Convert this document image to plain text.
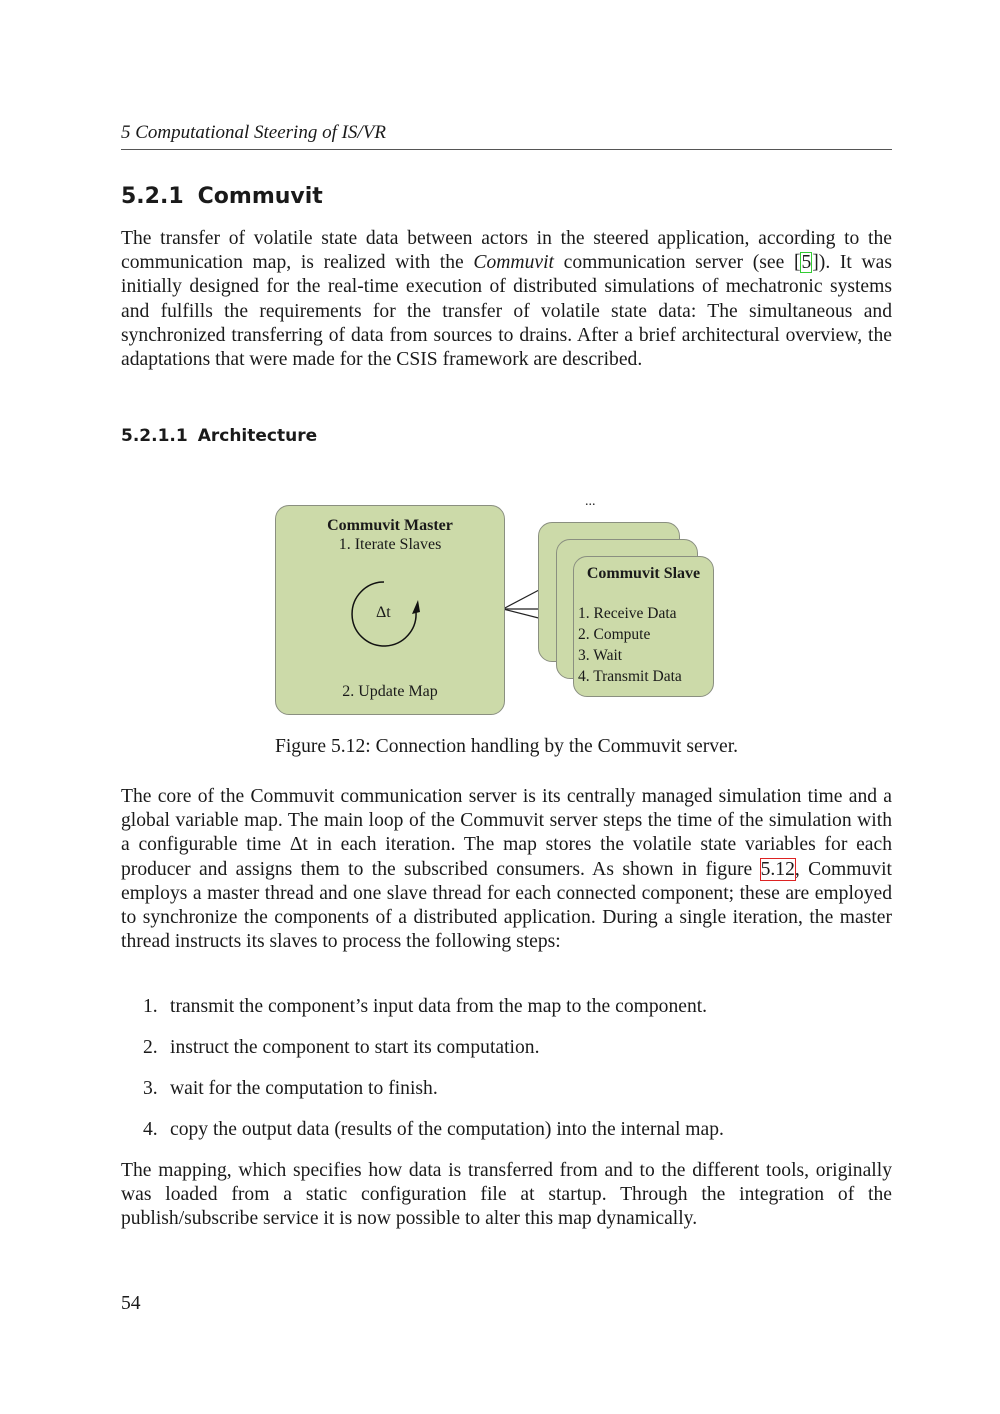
5 Computational Steering of IS/VR
5.2.1 Commuvit
The transfer of volatile state data between actors in the steered application, according to the communication map, is realized with the Commuvit communication server (see [5]). It was initially designed for the real-time execution of distributed simulations of mechatronic systems and fulfills the requirements for the transfer of volatile state data: The simultaneous and synchronized transferring of data from sources to drains. After a brief architectural overview, the adaptations that were made for the CSIS framework are described.
5.2.1.1 Architecture
Commuvit Master
1. Iterate Slaves
Δt
2. Update Map
...
Commuvit Slave
1. Receive Data
2. Compute
3. Wait
4. Transmit Data
Figure 5.12: Connection handling by the Commuvit server.
The core of the Commuvit communication server is its centrally managed simulation time and a global variable map. The main loop of the Commuvit server steps the time of the simulation with a configurable time Δt in each iteration. The map stores the volatile state variables for each producer and assigns them to the subscribed consumers. As shown in figure 5.12, Commuvit employs a master thread and one slave thread for each connected component; these are employed to synchronize the components of a distributed application. During a single iteration, the master thread instructs its slaves to process the following steps:
1. transmit the component’s input data from the map to the component.
2. instruct the component to start its computation.
3. wait for the computation to finish.
4. copy the output data (results of the computation) into the internal map.
The mapping, which specifies how data is transferred from and to the different tools, originally was loaded from a static configuration file at startup. Through the integration of the publish/subscribe service it is now possible to alter this map dynamically.
54
